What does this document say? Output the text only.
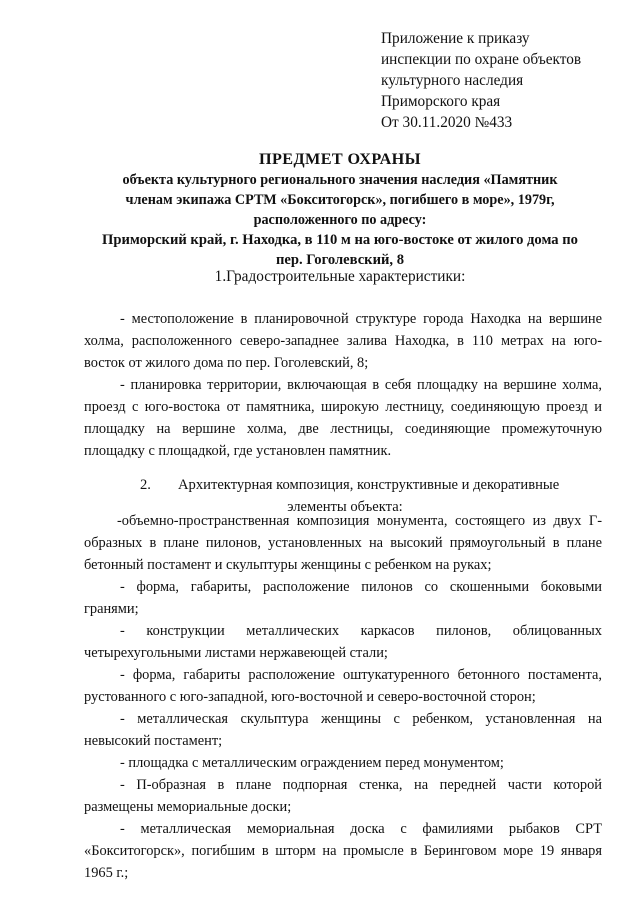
Приложение к приказу
инспекции по охране объектов
культурного наследия
Приморского края
От 30.11.2020 №433
ПРЕДМЕТ ОХРАНЫ
объекта культурного регионального значения наследия «Памятник
членам экипажа СРТМ «Бокситогорск», погибшего в море», 1979г,
расположенного по адресу:
Приморский край, г. Находка, в 110 м на юго-востоке от жилого дома по
пер. Гоголевский, 8
1.Градостроительные характеристики:
- местоположение в планировочной структуре города Находка на вершине холма, расположенного северо-западнее залива Находка, в 110 метрах на юго-восток от жилого дома по пер. Гоголевский, 8;
- планировка территории, включающая в себя площадку на вершине холма, проезд с юго-востока от памятника, широкую лестницу, соединяющую проезд и площадку на вершине холма, две лестницы, соединяющие промежуточную площадку с площадкой, где установлен памятник.
2. Архитектурная композиция, конструктивные и декоративные
элементы объекта:
-объемно-пространственная композиция монумента, состоящего из двух Г-образных в плане пилонов, установленных на высокий прямоугольный в плане бетонный постамент и скульптуры женщины с ребенком на руках;
- форма, габариты, расположение пилонов со скошенными боковыми гранями;
- конструкции металлических каркасов пилонов, облицованных четырехугольными листами нержавеющей стали;
- форма, габариты расположение оштукатуренного бетонного постамента, рустованного с юго-западной, юго-восточной и северо-восточной сторон;
- металлическая скульптура женщины с ребенком, установленная на невысокий постамент;
- площадка с металлическим ограждением перед монументом;
- П-образная в плане подпорная стенка, на передней части которой размещены мемориальные доски;
- металлическая мемориальная доска с фамилиями рыбаков СРТ «Бокситогорск», погибшим в шторм на промысле в Беринговом море 19 января 1965 г.;
